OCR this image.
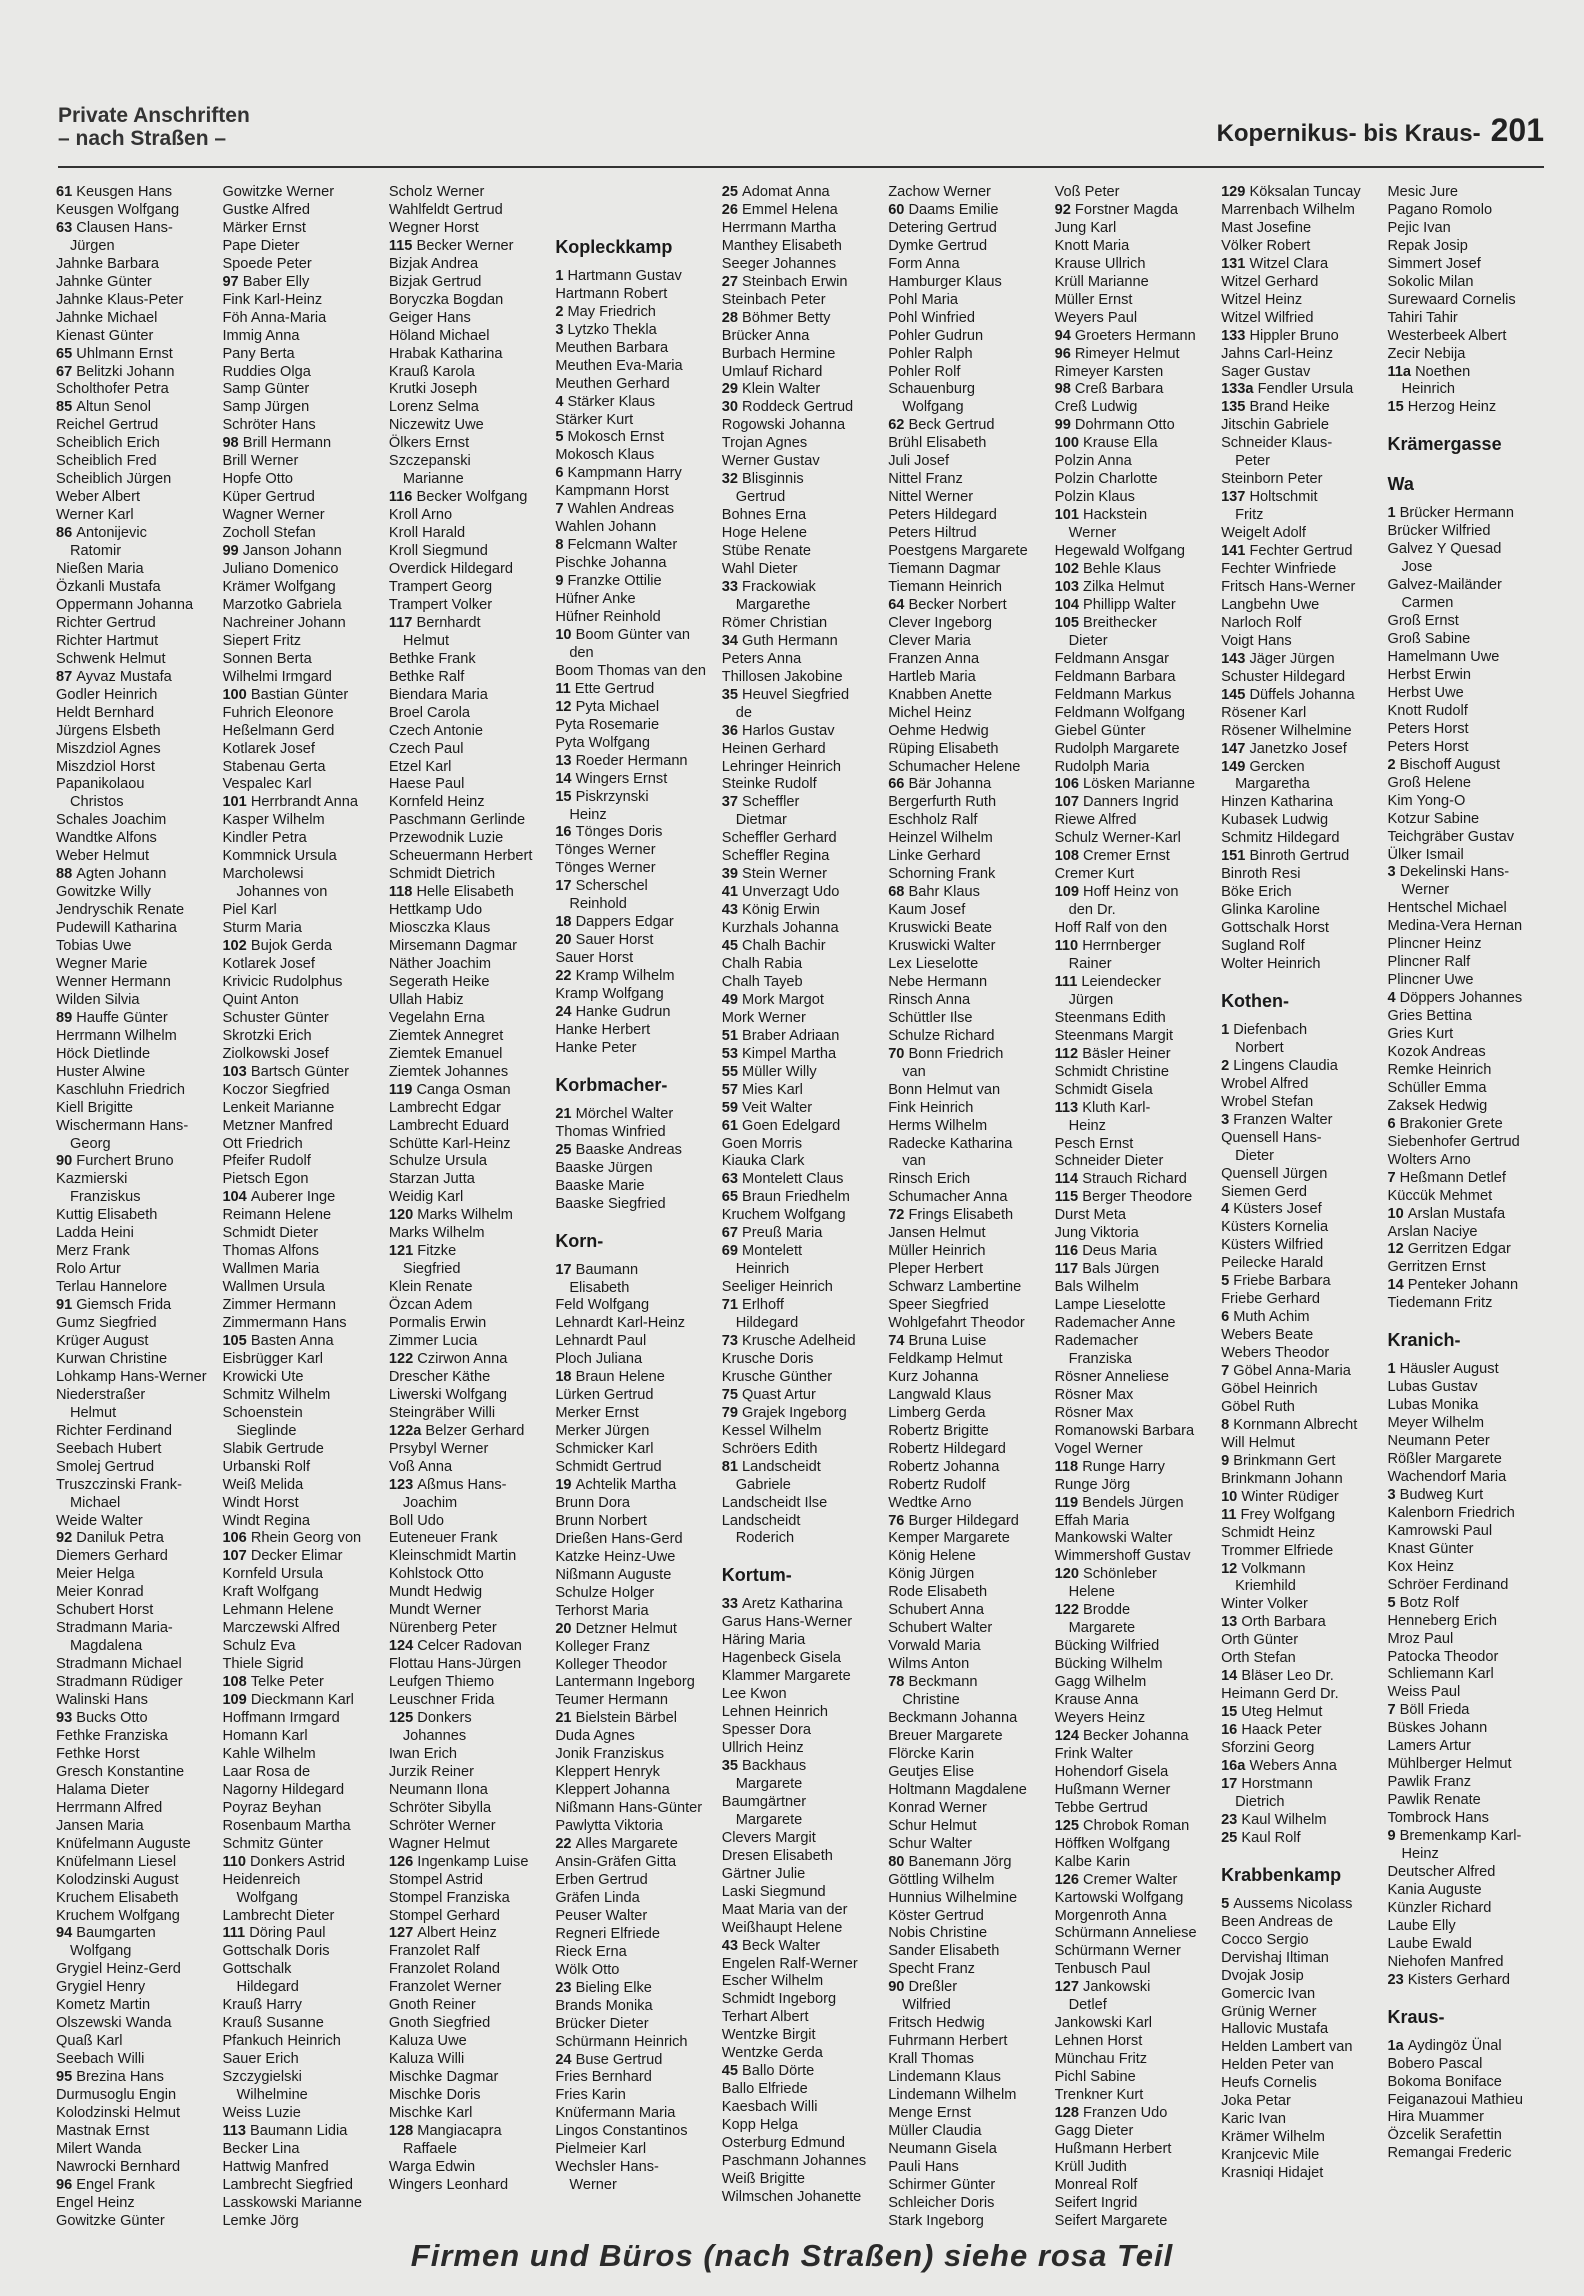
Private Anschriften
– nach Straßen –	Kopernikus- bis Kraus- 201
61 Keusgen Hans
Keusgen Wolfgang
63 Clausen Hans-
Jürgen
Jahnke Barbara
Jahnke Günter
Jahnke Klaus-Peter
Jahnke Michael
Kienast Günter
65 Uhlmann Ernst
67 Belitzki Johann
Scholthofer Petra
85 Altun Senol
Reichel Gertrud
Scheiblich Erich
Scheiblich Fred
Scheiblich Jürgen
Weber Albert
Werner Karl
86 Antonijevic
Ratomir
Nießen Maria
Özkanli Mustafa
Oppermann Johanna
Richter Gertrud
Richter Hartmut
Schwenk Helmut
87 Ayvaz Mustafa
Godler Heinrich
Heldt Bernhard
Jürgens Elsbeth
Miszdziol Agnes
Miszdziol Horst
Papanikolaou
Christos
Schales Joachim
Wandtke Alfons
Weber Helmut
88 Agten Johann
Gowitzke Willy
Jendryschik Renate
Pudewill Katharina
Tobias Uwe
Wegner Marie
Wenner Hermann
Wilden Silvia
89 Hauffe Günter
Herrmann Wilhelm
Höck Dietlinde
Huster Alwine
Kaschluhn Friedrich
Kiell Brigitte
Wischermann Hans-
Georg
90 Furchert Bruno
Kazmierski
Franziskus
Kuttig Elisabeth
Ladda Heini
Merz Frank
Rolo Artur
Terlau Hannelore
91 Giemsch Frida
Gumz Siegfried
Krüger August
Kurwan Christine
Lohkamp Hans-Werner
Niederstraßer
Helmut
Richter Ferdinand
Seebach Hubert
Smolej Gertrud
Truszczinski Frank-
Michael
Weide Walter
92 Daniluk Petra
Diemers Gerhard
Meier Helga
Meier Konrad
Schubert Horst
Stradmann Maria-
Magdalena
Stradmann Michael
Stradmann Rüdiger
Walinski Hans
93 Bucks Otto
Fethke Franziska
Fethke Horst
Gresch Konstantine
Halama Dieter
Herrmann Alfred
Jansen Maria
Knüfelmann Auguste
Knüfelmann Liesel
Kolodzinski August
Kruchem Elisabeth
Kruchem Wolfgang
94 Baumgarten
Wolfgang
Grygiel Heinz-Gerd
Grygiel Henry
Kometz Martin
Olszewski Wanda
Quaß Karl
Seebach Willi
95 Brezina Hans
Durmusoglu Engin
Kolodzinski Helmut
Mastnak Ernst
Milert Wanda
Nawrocki Bernhard
96 Engel Frank
Engel Heinz
Gowitzke Günter
Gowitzke Werner
Gustke Alfred
Märker Ernst
Pape Dieter
Spoede Peter
97 Baber Elly
Fink Karl-Heinz
Föh Anna-Maria
Immig Anna
Pany Berta
Ruddies Olga
Samp Günter
Samp Jürgen
Schröter Hans
98 Brill Hermann
Brill Werner
Hopfe Otto
Küper Gertrud
Wagner Werner
Zocholl Stefan
99 Janson Johann
Juliano Domenico
Krämer Wolfgang
Marzotko Gabriela
Nachreiner Johann
Siepert Fritz
Sonnen Berta
Wilhelmi Irmgard
100 Bastian Günter
Fuhrich Eleonore
Heßelmann Gerd
Kotlarek Josef
Stabenau Gerta
Vespalec Karl
101 Herrbrandt Anna
Kasper Wilhelm
Kindler Petra
Kommnick Ursula
Marcholewsi
Johannes von
Piel Karl
Sturm Maria
102 Bujok Gerda
Kotlarek Josef
Krivicic Rudolphus
Quint Anton
Schuster Günter
Skrotzki Erich
Ziolkowski Josef
103 Bartsch Günter
Koczor Siegfried
Lenkeit Marianne
Metzner Manfred
Ott Friedrich
Pfeifer Rudolf
Pietsch Egon
104 Auberer Inge
Reimann Helene
Schmidt Dieter
Thomas Alfons
Wallmen Maria
Wallmen Ursula
Zimmer Hermann
Zimmermann Hans
105 Basten Anna
Eisbrügger Karl
Krowicki Ute
Schmitz Wilhelm
Schoenstein
Sieglinde
Slabik Gertrude
Urbanski Rolf
Weiß Melida
Windt Horst
Windt Regina
106 Rhein Georg von
107 Decker Elimar
Kornfeld Ursula
Kraft Wolfgang
Lehmann Helene
Marczewski Alfred
Schulz Eva
Thiele Sigrid
108 Telke Peter
109 Dieckmann Karl
Hoffmann Irmgard
Homann Karl
Kahle Wilhelm
Laar Rosa de
Nagorny Hildegard
Poyraz Beyhan
Rosenbaum Martha
Schmitz Günter
110 Donkers Astrid
Heidenreich
Wolfgang
Lambrecht Dieter
111 Döring Paul
Gottschalk Doris
Gottschalk
Hildegard
Krauß Harry
Krauß Susanne
Pfankuch Heinrich
Sauer Erich
Szczygielski
Wilhelmine
Weiss Luzie
113 Baumann Lidia
Becker Lina
Hattwig Manfred
Lambrecht Siegfried
Lasskowski Marianne
Lemke Jörg
Scholz Werner
Wahlfeldt Gertrud
Wegner Horst
115 Becker Werner
Bizjak Andrea
Bizjak Gertrud
Boryczka Bogdan
Geiger Hans
Höland Michael
Hrabak Katharina
Krauß Karola
Krutki Joseph
Lorenz Selma
Niczewitz Uwe
Ölkers Ernst
Szczepanski
Marianne
116 Becker Wolfgang
Kroll Arno
Kroll Harald
Kroll Siegmund
Overdick Hildegard
Trampert Georg
Trampert Volker
117 Bernhardt
Helmut
Bethke Frank
Bethke Ralf
Biendara Maria
Broel Carola
Czech Antonie
Czech Paul
Etzel Karl
Haese Paul
Kornfeld Heinz
Paschmann Gerlinde
Przewodnik Luzie
Scheuermann Herbert
Schmidt Dietrich
118 Helle Elisabeth
Hettkamp Udo
Miosczka Klaus
Mirsemann Dagmar
Näther Joachim
Segerath Heike
Ullah Habiz
Vegelahn Erna
Ziemtek Annegret
Ziemtek Emanuel
Ziemtek Johannes
119 Canga Osman
Lambrecht Edgar
Lambrecht Eduard
Schütte Karl-Heinz
Schulze Ursula
Starzan Jutta
Weidig Karl
120 Marks Wilhelm
Marks Wilhelm
121 Fitzke
Siegfried
Klein Renate
Özcan Adem
Pormalis Erwin
Zimmer Lucia
122 Czirwon Anna
Drescher Käthe
Liwerski Wolfgang
Steingräber Willi
122a Belzer Gerhard
Prsybyl Werner
Voß Anna
123 Aßmus Hans-
Joachim
Boll Udo
Euteneuer Frank
Kleinschmidt Martin
Kohlstock Otto
Mundt Hedwig
Mundt Werner
Nürenberg Peter
124 Celcer Radovan
Flottau Hans-Jürgen
Leufgen Thiemo
Leuschner Frida
125 Donkers
Johannes
Iwan Erich
Jurzik Reiner
Neumann Ilona
Schröter Sibylla
Schröter Werner
Wagner Helmut
126 Ingenkamp Luise
Stompel Astrid
Stompel Franziska
Stompel Gerhard
127 Albert Heinz
Franzolet Ralf
Franzolet Roland
Franzolet Werner
Gnoth Reiner
Gnoth Siegfried
Kaluza Uwe
Kaluza Willi
Mischke Dagmar
Mischke Doris
Mischke Karl
128 Mangiacapra
Raffaele
Warga Edwin
Wingers Leonhard

Kopleckkamp
1 Hartmann Gustav
Hartmann Robert
2 May Friedrich
3 Lytzko Thekla
Meuthen Barbara
Meuthen Eva-Maria
Meuthen Gerhard
4 Stärker Klaus
Stärker Kurt
5 Mokosch Ernst
Mokosch Klaus
6 Kampmann Harry
Kampmann Horst
7 Wahlen Andreas
Wahlen Johann
8 Felcmann Walter
Pischke Johanna
9 Franzke Ottilie
Hüfner Anke
Hüfner Reinhold
10 Boom Günter van
den
Boom Thomas van den
11 Ette Gertrud
12 Pyta Michael
Pyta Rosemarie
Pyta Wolfgang
13 Roeder Hermann
14 Wingers Ernst
15 Piskrzynski
Heinz
16 Tönges Doris
Tönges Werner
Tönges Werner
17 Scherschel
Reinhold
18 Dappers Edgar
20 Sauer Horst
Sauer Horst
22 Kramp Wilhelm
Kramp Wolfgang
24 Hanke Gudrun
Hanke Herbert
Hanke Peter
Korbmacher-
21 Mörchel Walter
Thomas Winfried
25 Baaske Andreas
Baaske Jürgen
Baaske Marie
Baaske Siegfried
Korn-
17 Baumann
Elisabeth
Feld Wolfgang
Lehnardt Karl-Heinz
Lehnardt Paul
Ploch Juliana
18 Braun Helene
Lürken Gertrud
Merker Ernst
Merker Jürgen
Schmicker Karl
Schmidt Gertrud
19 Achtelik Martha
Brunn Dora
Brunn Norbert
Drießen Hans-Gerd
Katzke Heinz-Uwe
Nißmann Auguste
Schulze Holger
Terhorst Maria
20 Detzner Helmut
Kolleger Franz
Kolleger Theodor
Lantermann Ingeborg
Teumer Hermann
21 Bielstein Bärbel
Duda Agnes
Jonik Franziskus
Kleppert Henryk
Kleppert Johanna
Nißmann Hans-Günter
Pawlytta Viktoria
22 Alles Margarete
Ansin-Gräfen Gitta
Erben Gertrud
Gräfen Linda
Peuser Walter
Regneri Elfriede
Rieck Erna
Wölk Otto
23 Bieling Elke
Brands Monika
Brücker Dieter
Schürmann Heinrich
24 Buse Gertrud
Fries Bernhard
Fries Karin
Knüfermann Maria
Lingos Constantinos
Pielmeier Karl
Wechsler Hans-
Werner
25 Adomat Anna
26 Emmel Helena
Herrmann Martha
Manthey Elisabeth
Seeger Johannes
27 Steinbach Erwin
Steinbach Peter
28 Böhmer Betty
Brücker Anna
Burbach Hermine
Umlauf Richard
29 Klein Walter
30 Roddeck Gertrud
Rogowski Johanna
Trojan Agnes
Werner Gustav
32 Blisginnis
Gertrud
Bohnes Erna
Hoge Helene
Stübe Renate
Wahl Dieter
33 Frackowiak
Margarethe
Römer Christian
34 Guth Hermann
Peters Anna
Thillosen Jakobine
35 Heuvel Siegfried
de
36 Harlos Gustav
Heinen Gerhard
Lehringer Heinrich
Steinke Rudolf
37 Scheffler
Dietmar
Scheffler Gerhard
Scheffler Regina
39 Stein Werner
41 Unverzagt Udo
43 König Erwin
Kurzhals Johanna
45 Chalh Bachir
Chalh Rabia
Chalh Tayeb
49 Mork Margot
Mork Werner
51 Braber Adriaan
53 Kimpel Martha
55 Müller Willy
57 Mies Karl
59 Veit Walter
61 Goen Edelgard
Goen Morris
Kiauka Clark
63 Montelett Claus
65 Braun Friedhelm
Kruchem Wolfgang
67 Preuß Maria
69 Montelett
Heinrich
Seeliger Heinrich
71 Erlhoff
Hildegard
73 Krusche Adelheid
Krusche Doris
Krusche Günther
75 Quast Artur
79 Grajek Ingeborg
Kessel Wilhelm
Schröers Edith
81 Landscheidt
Gabriele
Landscheidt Ilse
Landscheidt
Roderich
Kortum-
33 Aretz Katharina
Garus Hans-Werner
Häring Maria
Hagenbeck Gisela
Klammer Margarete
Lee Kwon
Lehnen Heinrich
Spesser Dora
Ullrich Heinz
35 Backhaus
Margarete
Baumgärtner
Margarete
Clevers Margit
Dresen Elisabeth
Gärtner Julie
Laski Siegmund
Maat Maria van der
Weißhaupt Helene
43 Beck Walter
Engelen Ralf-Werner
Escher Wilhelm
Schmidt Ingeborg
Terhart Albert
Wentzke Birgit
Wentzke Gerda
45 Ballo Dörte
Ballo Elfriede
Kaesbach Willi
Kopp Helga
Osterburg Edmund
Paschmann Johannes
Weiß Brigitte
Wilmschen Johanette
Zachow Werner
60 Daams Emilie
Detering Gertrud
Dymke Gertrud
Form Anna
Hamburger Klaus
Pohl Maria
Pohl Winfried
Pohler Gudrun
Pohler Ralph
Pohler Rolf
Schauenburg
Wolfgang
62 Beck Gertrud
Brühl Elisabeth
Juli Josef
Nittel Franz
Nittel Werner
Peters Hildegard
Peters Hiltrud
Poestgens Margarete
Tiemann Dagmar
Tiemann Heinrich
64 Becker Norbert
Clever Ingeborg
Clever Maria
Franzen Anna
Hartleb Maria
Knabben Anette
Michel Heinz
Oehme Hedwig
Rüping Elisabeth
Schumacher Helene
66 Bär Johanna
Bergerfurth Ruth
Eschholz Ralf
Heinzel Wilhelm
Linke Gerhard
Schorning Frank
68 Bahr Klaus
Kaum Josef
Kruswicki Beate
Kruswicki Walter
Lex Lieselotte
Nebe Hermann
Rinsch Anna
Schüttler Ilse
Schulze Richard
70 Bonn Friedrich
van
Bonn Helmut van
Fink Heinrich
Herms Wilhelm
Radecke Katharina
van
Rinsch Erich
Schumacher Anna
72 Frings Elisabeth
Jansen Helmut
Müller Heinrich
Pleper Herbert
Schwarz Lambertine
Speer Siegfried
Wohlgefahrt Theodor
74 Bruna Luise
Feldkamp Helmut
Kurz Johanna
Langwald Klaus
Limberg Gerda
Robertz Brigitte
Robertz Hildegard
Robertz Johanna
Robertz Rudolf
Wedtke Arno
76 Burger Hildegard
Kemper Margarete
König Helene
König Jürgen
Rode Elisabeth
Schubert Anna
Schubert Walter
Vorwald Maria
Wilms Anton
78 Beckmann
Christine
Beckmann Johanna
Breuer Margarete
Flörcke Karin
Geutjes Elise
Holtmann Magdalene
Konrad Werner
Schur Helmut
Schur Walter
80 Banemann Jörg
Göttling Wilhelm
Hunnius Wilhelmine
Köster Gertrud
Nobis Christine
Sander Elisabeth
Specht Franz
90 Dreßler
Wilfried
Fritsch Hedwig
Fuhrmann Herbert
Krall Thomas
Lindemann Klaus
Lindemann Wilhelm
Menge Ernst
Müller Claudia
Neumann Gisela
Pauli Hans
Schirmer Günter
Schleicher Doris
Stark Ingeborg
Voß Peter
92 Forstner Magda
Jung Karl
Knott Maria
Krause Ullrich
Krüll Marianne
Müller Ernst
Weyers Paul
94 Groeters Hermann
96 Rimeyer Helmut
Rimeyer Karsten
98 Creß Barbara
Creß Ludwig
99 Dohrmann Otto
100 Krause Ella
Polzin Anna
Polzin Charlotte
Polzin Klaus
101 Hackstein
Werner
Hegewald Wolfgang
102 Behle Klaus
103 Zilka Helmut
104 Phillipp Walter
105 Breithecker
Dieter
Feldmann Ansgar
Feldmann Barbara
Feldmann Markus
Feldmann Wolfgang
Giebel Günter
Rudolph Margarete
Rudolph Maria
106 Lösken Marianne
107 Danners Ingrid
Riewe Alfred
Schulz Werner-Karl
108 Cremer Ernst
Cremer Kurt
109 Hoff Heinz von
den Dr.
Hoff Ralf von den
110 Herrnberger
Rainer
111 Leiendecker
Jürgen
Steenmans Edith
Steenmans Margit
112 Bäsler Heiner
Schmidt Christine
Schmidt Gisela
113 Kluth Karl-
Heinz
Pesch Ernst
Schneider Dieter
114 Strauch Richard
115 Berger Theodore
Durst Meta
Jung Viktoria
116 Deus Maria
117 Bals Jürgen
Bals Wilhelm
Lampe Lieselotte
Rademacher Anne
Rademacher
Franziska
Rösner Anneliese
Rösner Max
Rösner Max
Romanowski Barbara
Vogel Werner
118 Runge Harry
Runge Jörg
119 Bendels Jürgen
Effah Maria
Mankowski Walter
Wimmershoff Gustav
120 Schönleber
Helene
122 Brodde
Margarete
Bücking Wilfried
Bücking Wilhelm
Gagg Wilhelm
Krause Anna
Weyers Heinz
124 Becker Johanna
Frink Walter
Hohendorf Gisela
Hußmann Werner
Tebbe Gertrud
125 Chrobok Roman
Höffken Wolfgang
Kalbe Karin
126 Cremer Walter
Kartowski Wolfgang
Morgenroth Anna
Schürmann Anneliese
Schürmann Werner
Tenbusch Paul
127 Jankowski
Detlef
Jankowski Karl
Lehnen Horst
Münchau Fritz
Pichl Sabine
Trenkner Kurt
128 Franzen Udo
Gagg Dieter
Hußmann Herbert
Krüll Judith
Monreal Rolf
Seifert Ingrid
Seifert Margarete
129 Köksalan Tuncay
Marrenbach Wilhelm
Mast Josefine
Völker Robert
131 Witzel Clara
Witzel Gerhard
Witzel Heinz
Witzel Wilfried
133 Hippler Bruno
Jahns Carl-Heinz
Sager Gustav
133a Fendler Ursula
135 Brand Heike
Jitschin Gabriele
Schneider Klaus-
Peter
Steinborn Peter
137 Holtschmit
Fritz
Weigelt Adolf
141 Fechter Gertrud
Fechter Winfriede
Fritsch Hans-Werner
Langbehn Uwe
Narloch Rolf
Voigt Hans
143 Jäger Jürgen
Schuster Hildegard
145 Düffels Johanna
Rösener Karl
Rösener Wilhelmine
147 Janetzko Josef
149 Gercken
Margaretha
Hinzen Katharina
Kubasek Ludwig
Schmitz Hildegard
151 Binroth Gertrud
Binroth Resi
Böke Erich
Glinka Karoline
Gottschalk Horst
Sugland Rolf
Wolter Heinrich
Kothen-
1 Diefenbach
Norbert
2 Lingens Claudia
Wrobel Alfred
Wrobel Stefan
3 Franzen Walter
Quensell Hans-
Dieter
Quensell Jürgen
Siemen Gerd
4 Küsters Josef
Küsters Kornelia
Küsters Wilfried
Peilecke Harald
5 Friebe Barbara
Friebe Gerhard
6 Muth Achim
Webers Beate
Webers Theodor
7 Göbel Anna-Maria
Göbel Heinrich
Göbel Ruth
8 Kornmann Albrecht
Will Helmut
9 Brinkmann Gert
Brinkmann Johann
10 Winter Rüdiger
11 Frey Wolfgang
Schmidt Heinz
Trommer Elfriede
12 Volkmann
Kriemhild
Winter Volker
13 Orth Barbara
Orth Günter
Orth Stefan
14 Bläser Leo Dr.
Heimann Gerd Dr.
15 Uteg Helmut
16 Haack Peter
Sforzini Georg
16a Webers Anna
17 Horstmann
Dietrich
23 Kaul Wilhelm
25 Kaul Rolf
Krabbenkamp
5 Aussems Nicolass
Been Andreas de
Cocco Sergio
Dervishaj Iltiman
Dvojak Josip
Gomercic Ivan
Grünig Werner
Hallovic Mustafa
Helden Lambert van
Helden Peter van
Heufs Cornelis
Joka Petar
Karic Ivan
Krämer Wilhelm
Kranjcevic Mile
Krasniqi Hidajet
Mesic Jure
Pagano Romolo
Pejic Ivan
Repak Josip
Simmert Josef
Sokolic Milan
Surewaard Cornelis
Tahiri Tahir
Westerbeek Albert
Zecir Nebija
11a Noethen
Heinrich
15 Herzog Heinz
Krämergasse
Wa
1 Brücker Hermann
Brücker Wilfried
Galvez Y Quesad
Jose
Galvez-Mailänder
Carmen
Groß Ernst
Groß Sabine
Hamelmann Uwe
Herbst Erwin
Herbst Uwe
Knott Rudolf
Peters Horst
Peters Horst
2 Bischoff August
Groß Helene
Kim Yong-O
Kotzur Sabine
Teichgräber Gustav
Ülker Ismail
3 Dekelinski Hans-
Werner
Hentschel Michael
Medina-Vera Hernan
Plincner Heinz
Plincner Ralf
Plincner Uwe
4 Döppers Johannes
Gries Bettina
Gries Kurt
Kozok Andreas
Remke Heinrich
Schüller Emma
Zaksek Hedwig
6 Brakonier Grete
Siebenhofer Gertrud
Wolters Arno
7 Heßmann Detlef
Küccük Mehmet
10 Arslan Mustafa
Arslan Naciye
12 Gerritzen Edgar
Gerritzen Ernst
14 Penteker Johann
Tiedemann Fritz
Kranich-
1 Häusler August
Lubas Gustav
Lubas Monika
Meyer Wilhelm
Neumann Peter
Rößler Margarete
Wachendorf Maria
3 Budweg Kurt
Kalenborn Friedrich
Kamrowski Paul
Knast Günter
Kox Heinz
Schröer Ferdinand
5 Botz Rolf
Henneberg Erich
Mroz Paul
Patocka Theodor
Schliemann Karl
Weiss Paul
7 Böll Frieda
Büskes Johann
Lamers Artur
Mühlberger Helmut
Pawlik Franz
Pawlik Renate
Tombrock Hans
9 Bremenkamp Karl-
Heinz
Deutscher Alfred
Kania Auguste
Künzler Richard
Laube Elly
Laube Ewald
Niehofen Manfred
23 Kisters Gerhard
Kraus-
1a Aydingöz Ünal
Bobero Pascal
Bokoma Boniface
Feiganazoui Mathieu
Hira Muammer
Özcelik Serafettin
Remangai Frederic
Firmen und Büros (nach Straßen) siehe rosa Teil
